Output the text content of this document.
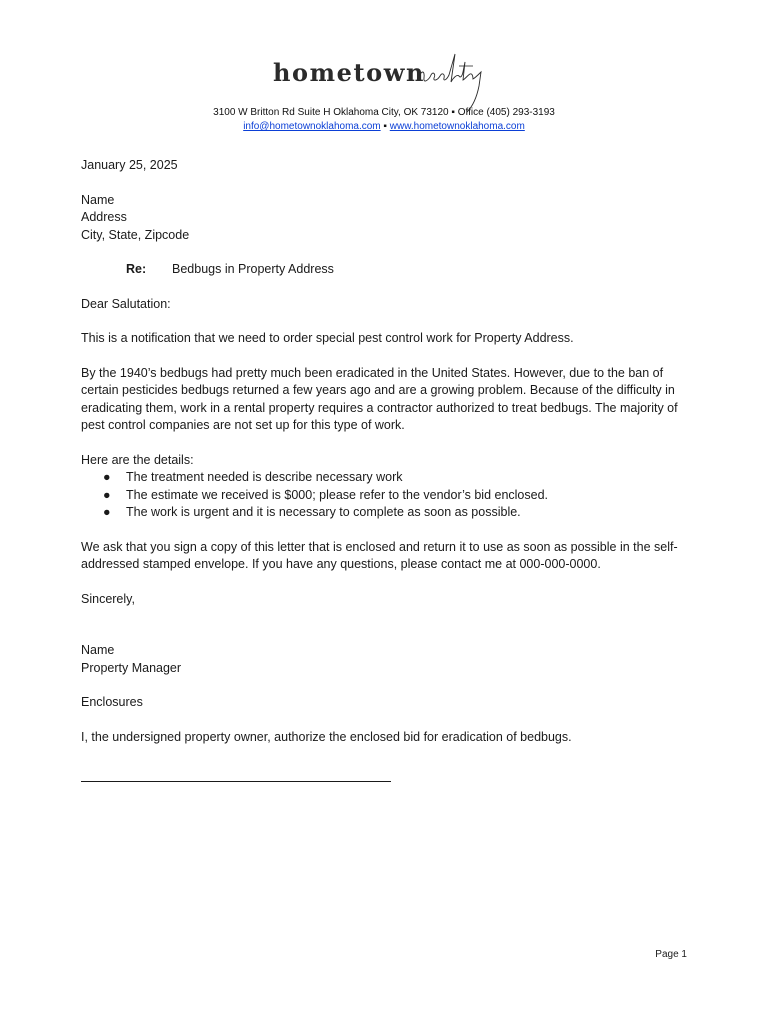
hometown
3100 W Britton Rd Suite H Oklahoma City, OK 73120 ▪ Office (405) 293-3193
info@hometownoklahoma.com ▪ www.hometownoklahoma.com

January 25, 2025

Name

Address

City, State, Zipcode

Re: Bedbugs in Property Address

Dear Salutation:

This is a notification that we need to order special pest control work for Property Address.

By the 1940’s bedbugs had pretty much been eradicated in the United States. However, due to the ban of certain pesticides bedbugs returned a few years ago and are a growing problem. Because of the difficulty in eradicating them, work in a rental property requires a contractor authorized to treat bedbugs. The majority of pest control companies are not set up for this type of work.

Here are the details:

● The treatment needed is describe necessary work
● The estimate we received is $000; please refer to the vendor’s bid enclosed.
● The work is urgent and it is necessary to complete as soon as possible.

We ask that you sign a copy of this letter that is enclosed and return it to use as soon as possible in the self-addressed stamped envelope. If you have any questions, please contact me at 000-000-0000.

Sincerely,

Name

Property Manager

Enclosures

I, the undersigned property owner, authorize the enclosed bid for eradication of bedbugs.

Page 1
